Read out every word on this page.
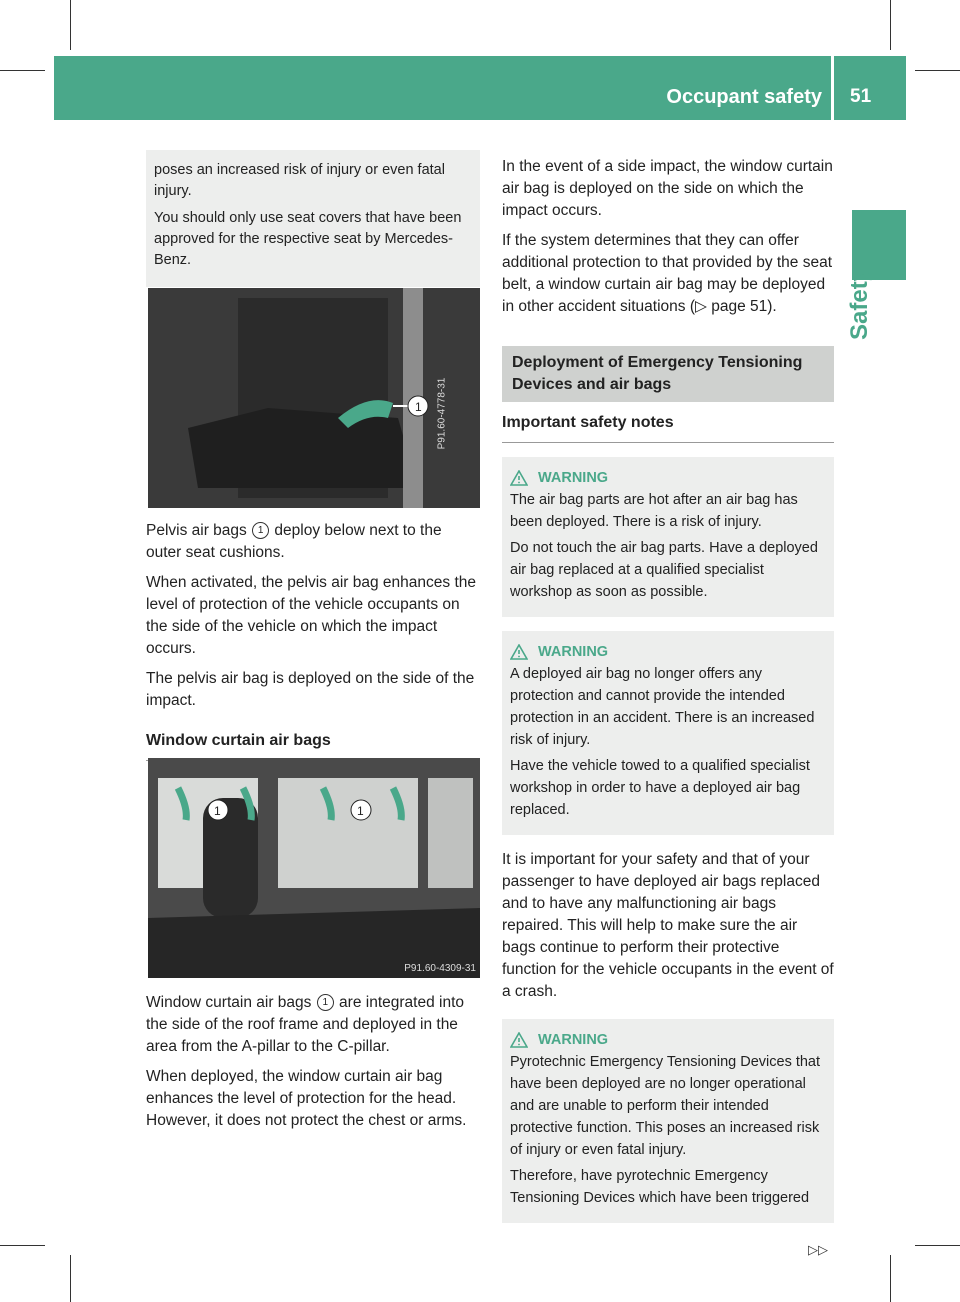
Occupant safety 51
Safety

poses an increased risk of injury or even fatal injury.

You should only use seat covers that have been approved for the respective seat by Mercedes-Benz.

1 P91.60-4778-31

Pelvis air bags 1 deploy below next to the outer seat cushions.

When activated, the pelvis air bag enhances the level of protection of the vehicle occupants on the side of the vehicle on which the impact occurs.

The pelvis air bag is deployed on the side of the impact.

Window curtain air bags
1	1
P91.60-4309-31

Window curtain air bags 1 are integrated into the side of the roof frame and deployed in the area from the A-pillar to the C-pillar.

When deployed, the window curtain air bag enhances the level of protection for the head. However, it does not protect the chest or arms.

In the event of a side impact, the window curtain air bag is deployed on the side on which the impact occurs.

If the system determines that they can offer additional protection to that provided by the seat belt, a window curtain air bag may be deployed in other accident situations (▷ page 51).

Deployment of Emergency Tensioning Devices and air bags
Important safety notes
WARNING

The air bag parts are hot after an air bag has been deployed. There is a risk of injury.

Do not touch the air bag parts. Have a deployed air bag replaced at a qualified specialist workshop as soon as possible.

WARNING

A deployed air bag no longer offers any protection and cannot provide the intended protection in an accident. There is an increased risk of injury.

Have the vehicle towed to a qualified specialist workshop in order to have a deployed air bag replaced.

It is important for your safety and that of your passenger to have deployed air bags replaced and to have any malfunctioning air bags repaired. This will help to make sure the air bags continue to perform their protective function for the vehicle occupants in the event of a crash.

WARNING

Pyrotechnic Emergency Tensioning Devices that have been deployed are no longer operational and are unable to perform their intended protective function. This poses an increased risk of injury or even fatal injury.

Therefore, have pyrotechnic Emergency Tensioning Devices which have been triggered

▷▷
